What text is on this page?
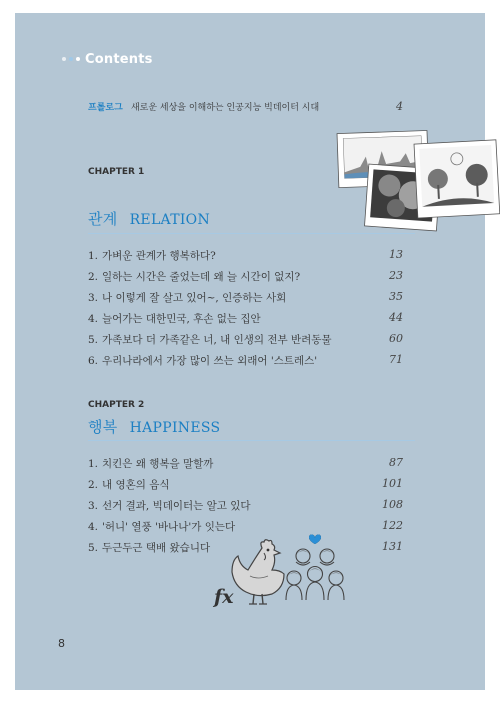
Contents
프롤로그 새로운 세상을 이해하는 인공지능 빅데이터 시대	4
CHAPTER 1
관계 RELATION
1. 가벼운 관계가 행복하다?	13
2. 일하는 시간은 줄었는데 왜 늘 시간이 없지?	23
3. 나 이렇게 잘 살고 있어~, 인증하는 사회	35
4. 늘어가는 대한민국, 후손 없는 집안	44
5. 가족보다 더 가족같은 너, 내 인생의 전부 반려동물	60
6. 우리나라에서 가장 많이 쓰는 외래어 '스트레스'	71
CHAPTER 2
행복 HAPPINESS
1. 치킨은 왜 행복을 말할까	87
2. 내 영혼의 음식	101
3. 선거 결과, 빅데이터는 알고 있다	108
4. '허니' 열풍 '바나나'가 잇는다	122
5. 두근두근 택배 왔습니다	131
fx
8
